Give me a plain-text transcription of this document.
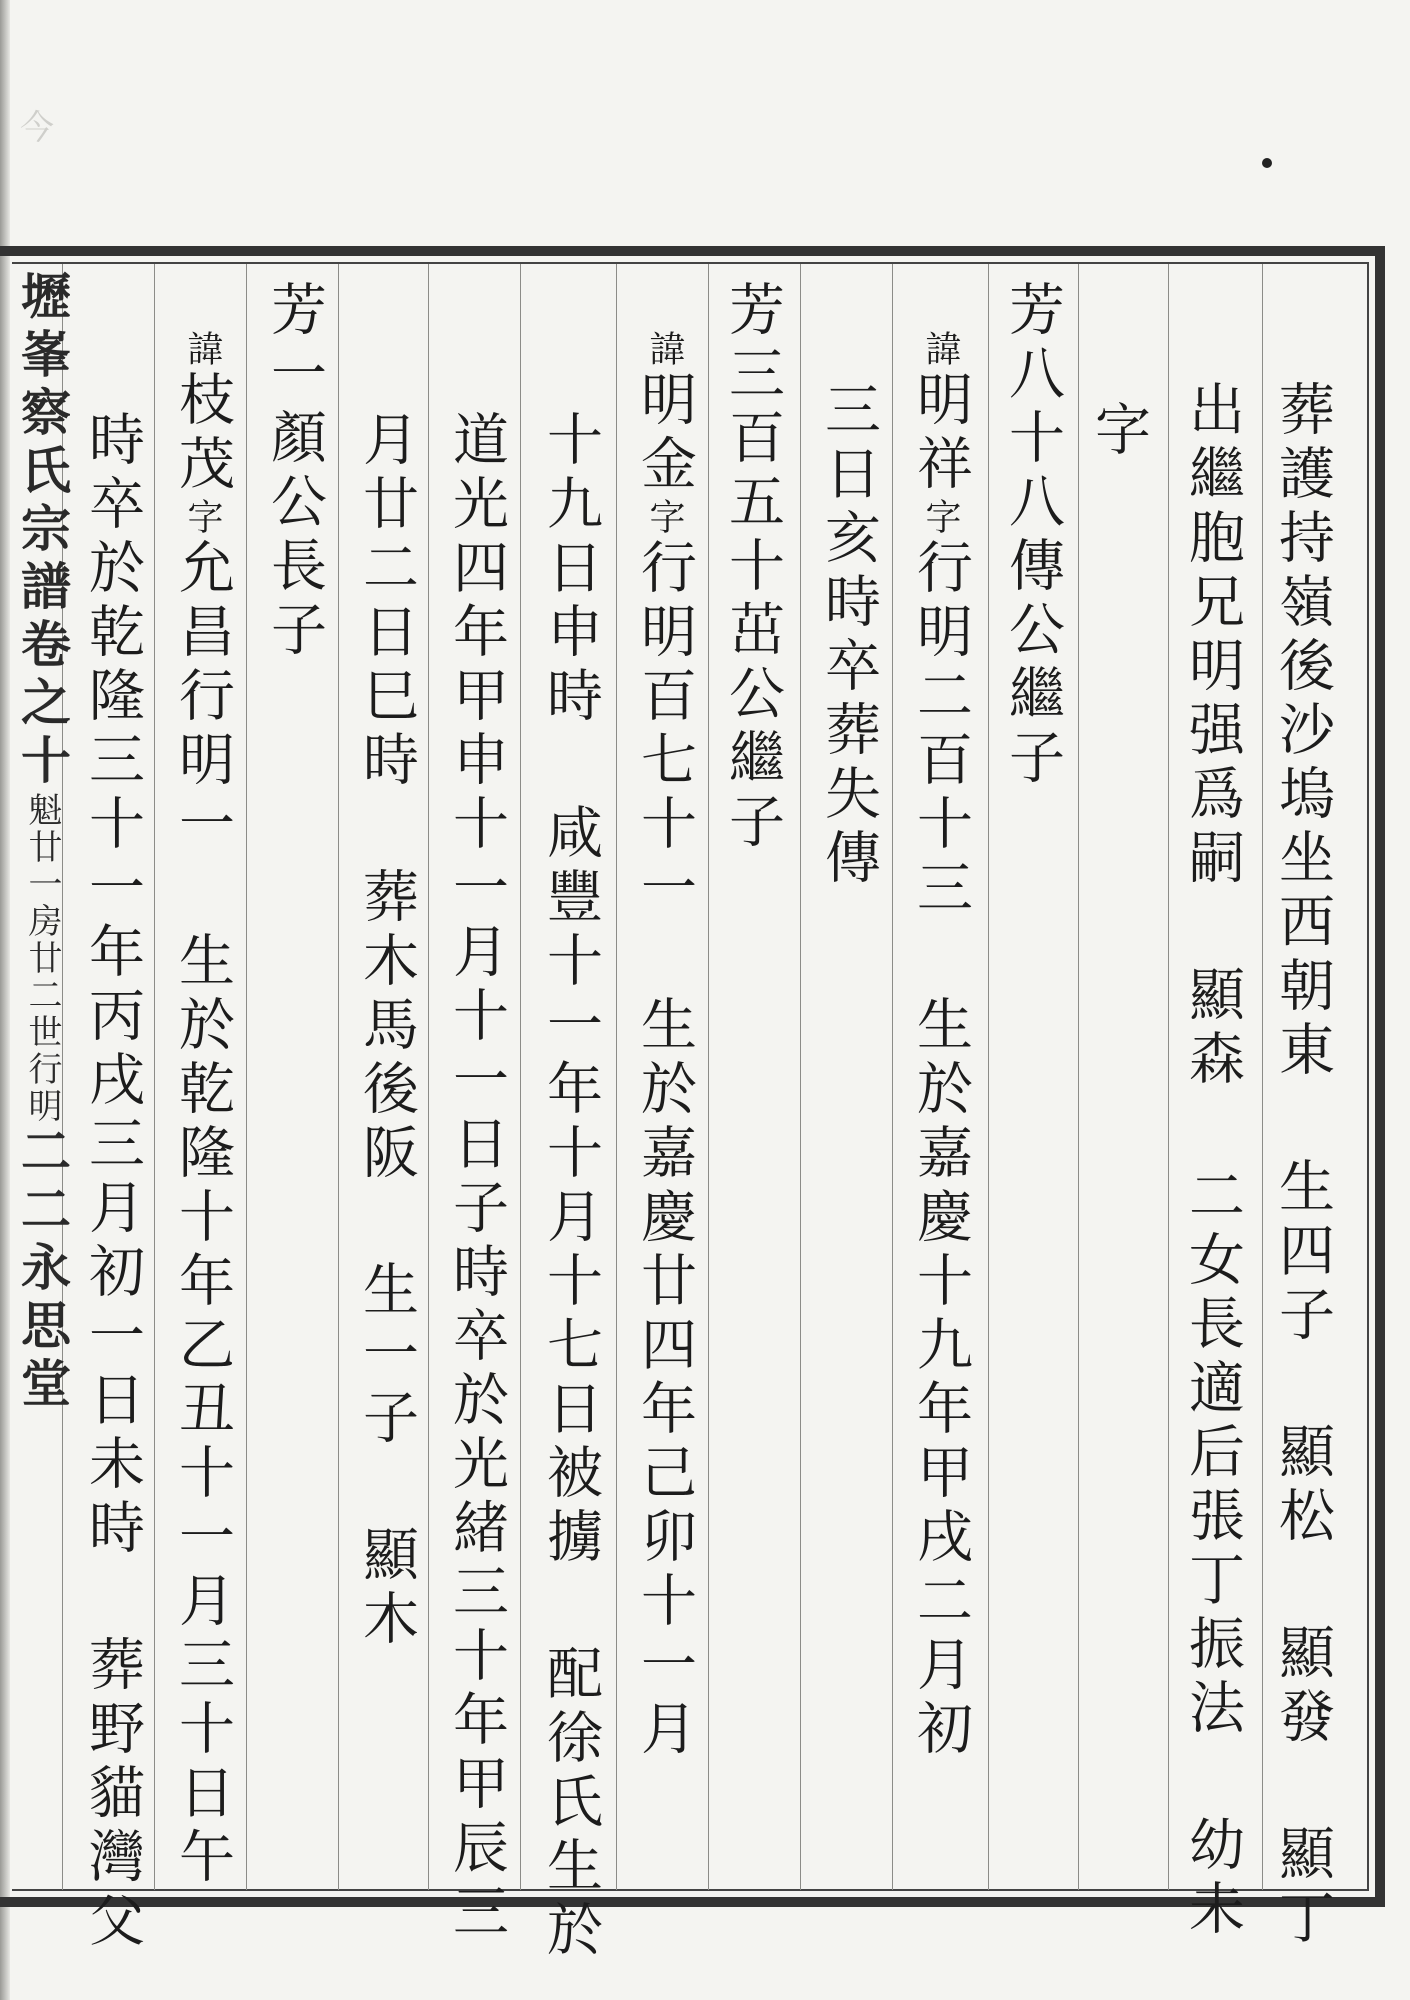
今
葬護持嶺後沙塢坐西朝東 生四子 顯松 顯發 顯丁
出繼胞兄明强爲嗣 顯森 二女長適后張丁振法 幼未
字
芳八十八傳公繼子
諱明祥字行明二百十三 生於嘉慶十九年甲戌二月初
三日亥時卒葬失傳
芳三百五十茁公繼子
諱明金字行明百七十一 生於嘉慶廿四年己卯十一月
十九日申時 咸豐十一年十月十七日被擄 配徐氏生於
道光四年甲申十一月十一日子時卒於光緒三十年甲辰三
月廿二日巳時 葬木馬後阪 生一子 顯木
芳一顏公長子
諱枝茂字允昌行明一 生於乾隆十年乙丑十一月三十日午
時卒於乾隆三十一年丙戌三月初一日未時 葬野貓灣父
壢峯察氏宗譜卷之十魁廿一房廿二世行明二二永思堂
